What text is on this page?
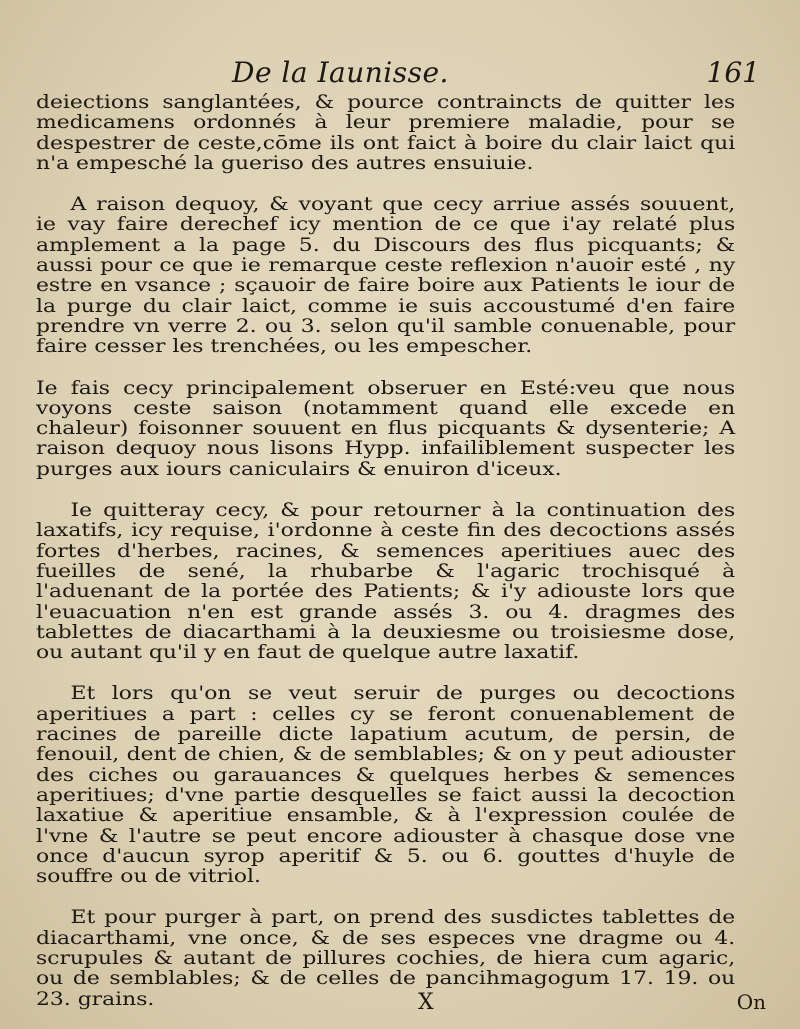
De la Iaunisse.	161

deiections sanglantées, & pource contraincts de quitter les medicamens ordonnés à leur premiere maladie, pour se despestrer de ceste,cōme ils ont faict à boire du clair laict qui n'a empesché la gueriso des autres ensuiuie.

A raison dequoy, & voyant que cecy arriue assés souuent, ie vay faire derechef icy mention de ce que i'ay relaté plus amplement a la page 5. du Discours des flus picquants; & aussi pour ce que ie remarque ceste reflexion n'auoir esté , ny estre en vsance ; sçauoir de faire boire aux Patients le iour de la purge du clair laict, comme ie suis accoustumé d'en faire prendre vn verre 2. ou 3. selon qu'il samble conuenable, pour faire cesser les trenchées, ou les empescher.

Ie fais cecy principalement obseruer en Esté:veu que nous voyons ceste saison (notamment quand elle excede en chaleur) foisonner souuent en flus picquants & dysenterie; A raison dequoy nous lisons Hypp. infailiblement suspecter les purges aux iours caniculairs & enuiron d'iceux.

Ie quitteray cecy, & pour retourner à la continuation des laxatifs, icy requise, i'ordonne à ceste fin des decoctions assés fortes d'herbes, racines, & semences aperitiues auec des fueilles de sené, la rhubarbe & l'agaric trochisqué à l'aduenant de la portée des Patients; & i'y adiouste lors que l'euacuation n'en est grande assés 3. ou 4. dragmes des tablettes de diacarthami à la deuxiesme ou troisiesme dose, ou autant qu'il y en faut de quelque autre laxatif.

Et lors qu'on se veut seruir de purges ou decoctions aperitiues a part : celles cy se feront conuenablement de racines de pareille dicte lapatium acutum, de persin, de fenouil, dent de chien, & de semblables; & on y peut adiouster des ciches ou garauances & quelques herbes & semences aperitiues; d'vne partie desquelles se faict aussi la decoction laxatiue & aperitiue ensamble, & à l'expression coulée de l'vne & l'autre se peut encore adiouster à chasque dose vne once d'aucun syrop aperitif & 5. ou 6. gouttes d'huyle de souffre ou de vitriol.

Et pour purger à part, on prend des susdictes tablettes de diacarthami, vne once, & de ses especes vne dragme ou 4. scrupules & autant de pillures cochies, de hiera cum agaric, ou de semblables; & de celles de pancihmagogum 17. 19. ou 23. grains.	X	On
